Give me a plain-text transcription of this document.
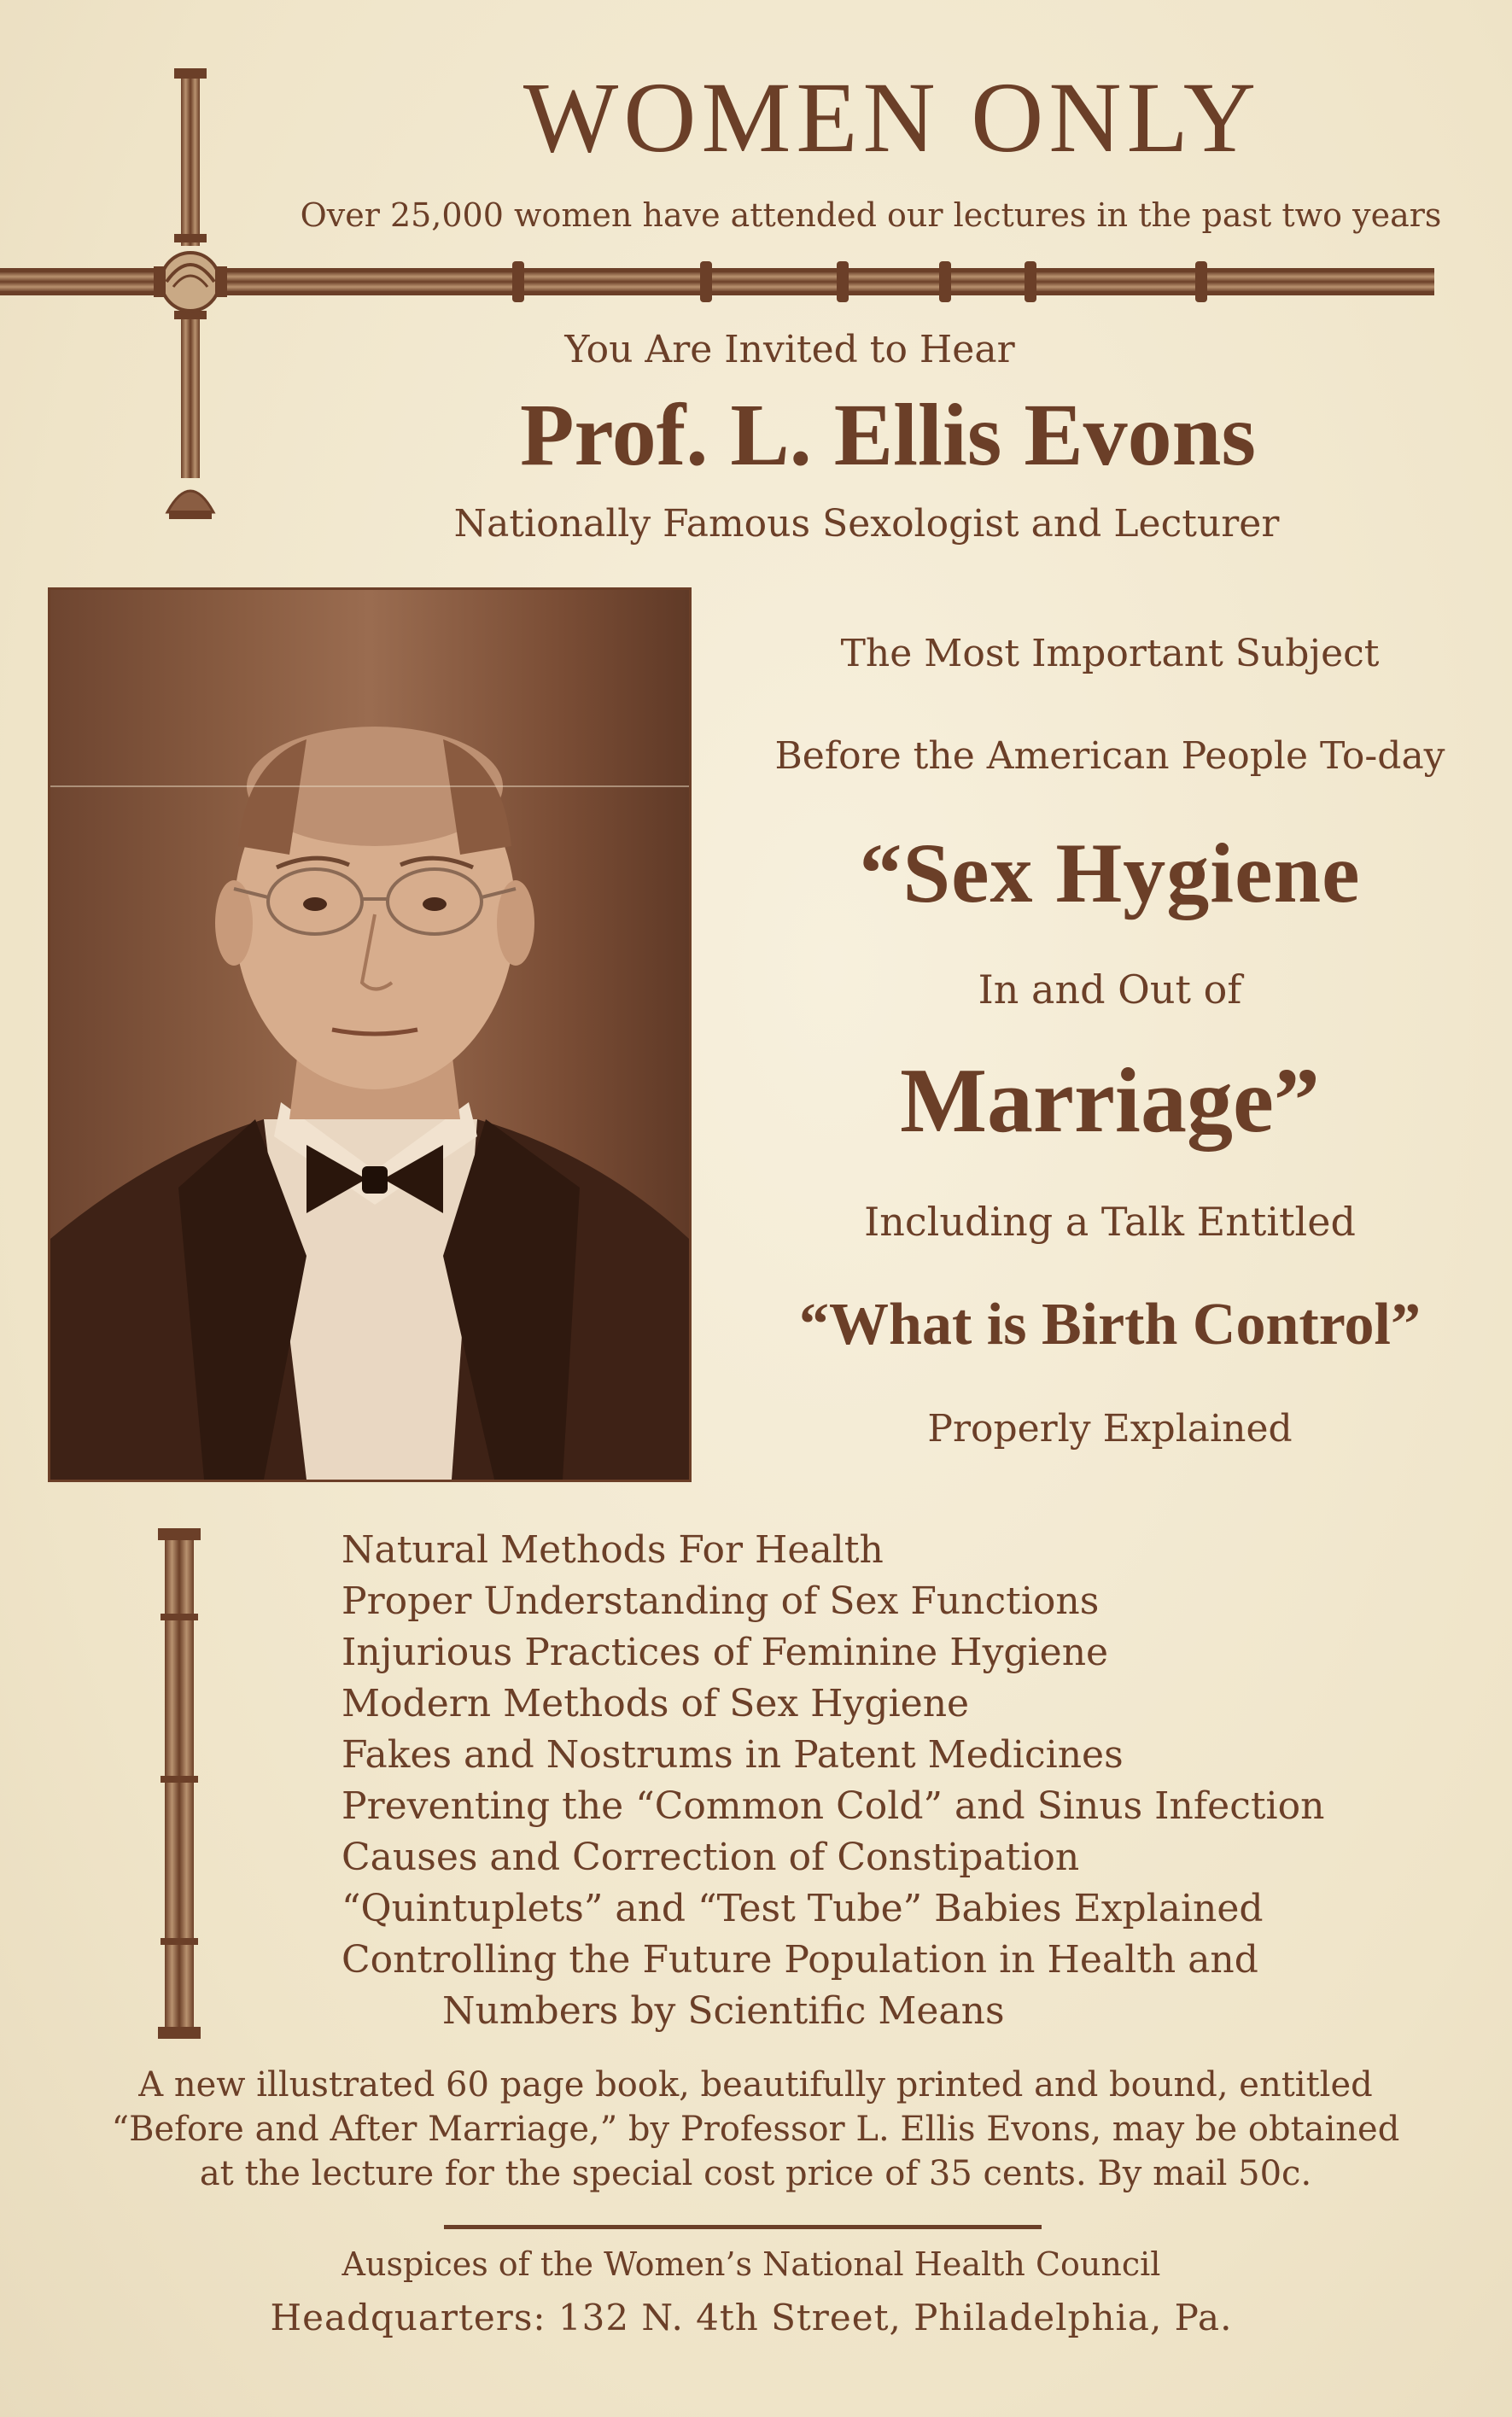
WOMEN ONLY
Over 25,000 women have attended our lectures in the past two years
You Are Invited to Hear
Prof. L. Ellis Evons
Nationally Famous Sexologist and Lecturer
The Most Important Subject
Before the American People To-day
“Sex Hygiene
In and Out of
Marriage”
Including a Talk Entitled
“What is Birth Control”
Properly Explained
Natural Methods For Health
Proper Understanding of Sex Functions
Injurious Practices of Feminine Hygiene
Modern Methods of Sex Hygiene
Fakes and Nostrums in Patent Medicines
Preventing the “Common Cold” and Sinus Infection
Causes and Correction of Constipation
“Quintuplets” and “Test Tube” Babies Explained
Controlling the Future Population in Health and
Numbers by Scientific Means
A new illustrated 60 page book, beautifully printed and bound, entitled
“Before and After Marriage,” by Professor L. Ellis Evons, may be obtained
at the lecture for the special cost price of 35 cents. By mail 50c.
Auspices of the Women’s National Health Council
Headquarters: 132 N. 4th Street, Philadelphia, Pa.
